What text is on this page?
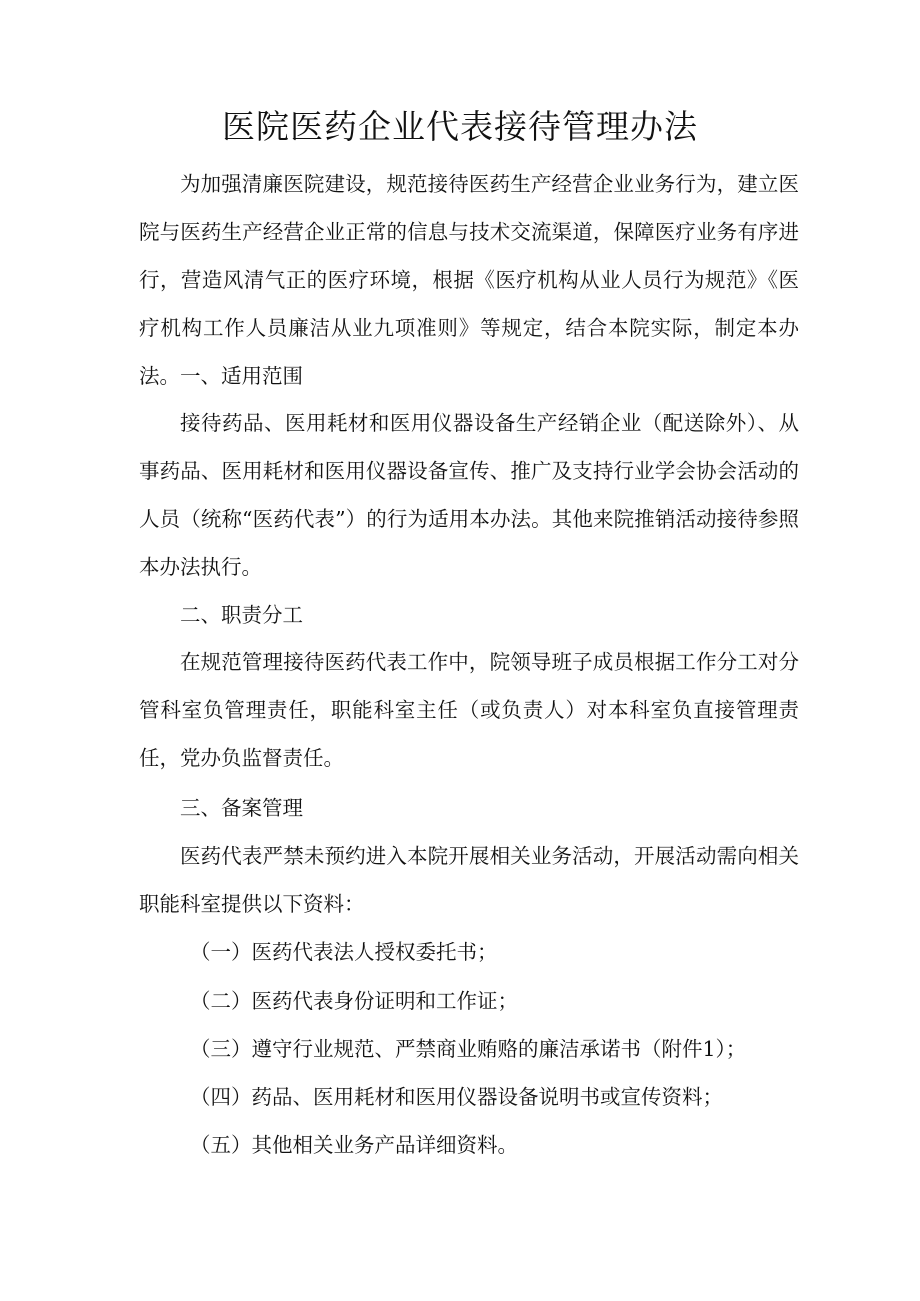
医院医药企业代表接待管理办法

为加强清廉医院建设，规范接待医药生产经营企业业务行为，建立医院与医药生产经营企业正常的信息与技术交流渠道，保障医疗业务有序进行，营造风清气正的医疗环境，根据《医疗机构从业人员行为规范》《医疗机构工作人员廉洁从业九项准则》等规定，结合本院实际，制定本办法。 一、适用范围

接待药品、医用耗材和医用仪器设备生产经销企业（配送除外）、从事药品、医用耗材和医用仪器设备宣传、推广及支持行业学会协会活动的人员（统称“医药代表”）的行为适用本办法。其他来院推销活动接待参照本办法执行。

二、职责分工

在规范管理接待医药代表工作中，院领导班子成员根据工作分工对分管科室负管理责任，职能科室主任（或负责人）对本科室负直接管理责任，党办负监督责任。

三、备案管理

医药代表严禁未预约进入本院开展相关业务活动，开展活动需向相关职能科室提供以下资料：

（一）医药代表法人授权委托书；

（二）医药代表身份证明和工作证；

（三）遵守行业规范、严禁商业贿赂的廉洁承诺书（附件1）；

（四）药品、医用耗材和医用仪器设备说明书或宣传资料；

（五）其他相关业务产品详细资料。
